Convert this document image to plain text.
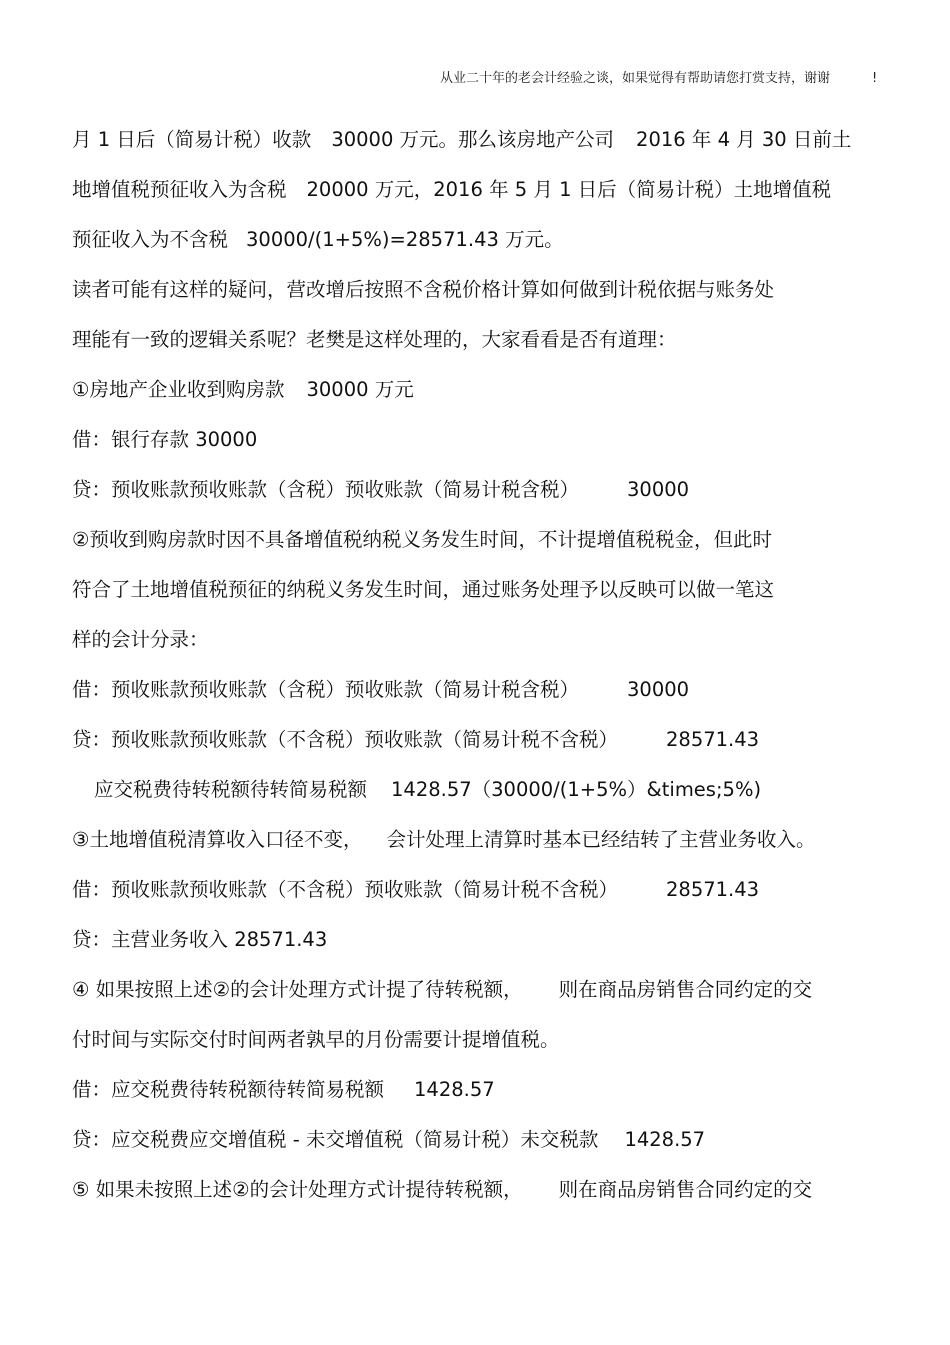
从业二十年的老会计经验之谈，如果觉得有帮助请您打赏支持，谢谢	!
月 1 日后（简易计税）收款 30000 万元。那么该房地产公司 2016 年 4 月 30 日前土
地增值税预征收入为含税 20000 万元，2016 年 5 月 1 日后（简易计税）土地增值税
预征收入为不含税 30000/(1+5%)=28571.43 万元。
读者可能有这样的疑问，营改增后按照不含税价格计算如何做到计税依据与账务处
理能有一致的逻辑关系呢？老樊是这样处理的，大家看看是否有道理：
①房地产企业收到购房款 30000 万元
借：银行存款 30000
贷：预收账款预收账款（含税）预收账款（简易计税含税） 30000
②预收到购房款时因不具备增值税纳税义务发生时间，不计提增值税税金，但此时
符合了土地增值税预征的纳税义务发生时间，通过账务处理予以反映可以做一笔这
样的会计分录：
借：预收账款预收账款（含税）预收账款（简易计税含税） 30000
贷：预收账款预收账款（不含税）预收账款（简易计税不含税） 28571.43
应交税费待转税额待转简易税额 1428.57（30000/(1+5%）&times;5%)
③土地增值税清算收入口径不变， 会计处理上清算时基本已经结转了主营业务收入。
借：预收账款预收账款（不含税）预收账款（简易计税不含税） 28571.43
贷：主营业务收入 28571.43
④ 如果按照上述②的会计处理方式计提了待转税额， 则在商品房销售合同约定的交
付时间与实际交付时间两者孰早的月份需要计提增值税。
借：应交税费待转税额待转简易税额 1428.57
贷：应交税费应交增值税 - 未交增值税（简易计税）未交税款 1428.57
⑤ 如果未按照上述②的会计处理方式计提待转税额， 则在商品房销售合同约定的交
